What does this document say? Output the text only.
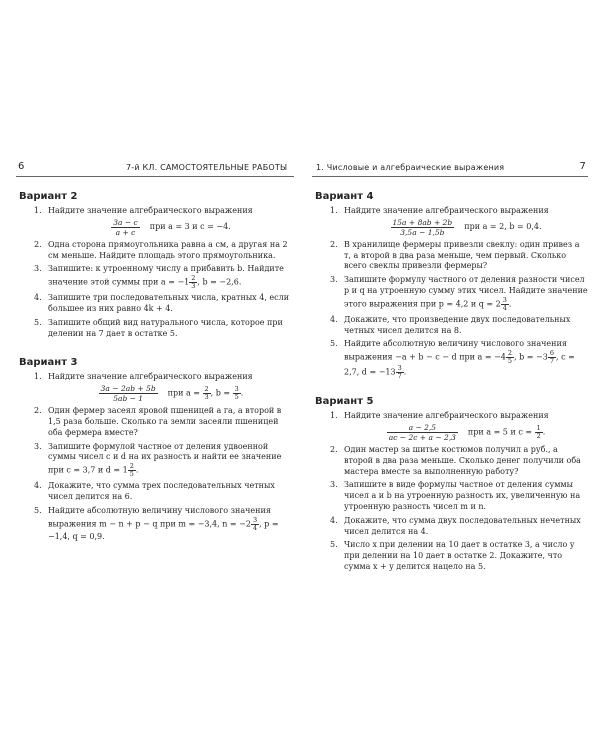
6	7-й КЛ. САМОСТОЯТЕЛЬНЫЕ РАБОТЫ
Вариант 2
1. Найдите значение алгебраического выражения
$\frac{3a - c}{a + c}$ при a = 3 и c = −4.
2. Одна сторона прямоугольника равна a см, а другая на 2 см меньше. Найдите площадь этого прямоугольника.
3. Запишите: к утроенному числу a прибавить b. Найдите значение этой суммы при $a = -1 \frac{2}{3}$ , b = −2,6.
4. Запишите три последовательных числа, кратных 4, если большее из них равно 4k + 4.
5. Запишите общий вид натурального числа, которое при делении на 7 дает в остатке 5.
Вариант 3
1. Найдите значение алгебраического выражения
$\frac{3a - 2ab + 5b}{5ab - 1}$ при $a = \frac{2}{3}$ , $b = \frac{3}{5}$ .
2. Один фермер засеял яровой пшеницей a га, а второй в 1,5 раза больше. Сколько га земли засеяли пшеницей оба фермера вместе?
3. Запишите формулой частное от деления удвоенной суммы чисел c и d на их разность и найти ее значение при c = 3,7 и $d = 1 \frac{2}{5}$ .
4. Докажите, что сумма трех последовательных четных чисел делится на 6.
5. Найдите абсолютную величину числового значения выражения m − n + p − q при m = −3,4, $n = -2 \frac{3}{4}$ , p = −1,4, q = 0,9.
1. Числовые и алгебраические выражения	7
Вариант 4
1. Найдите значение алгебраического выражения
$\frac{15a + 8ab + 2b}{3,5a - 1,5b}$ при a = 2, b = 0,4.
2. В хранилище фермеры привезли свеклу: один привез a т, а второй в два раза меньше, чем первый. Сколько всего свеклы привезли фермеры?
3. Запишите формулу частного от деления разности чисел p и q на утроенную сумму этих чисел. Найдите значение этого выражения при p = 4,2 и $q = 2 \frac{3}{4}$ .
4. Докажите, что произведение двух последовательных четных чисел делится на 8.
5. Найдите абсолютную величину числового значения выражения −a + b − c − d при $a = -4 \frac{2}{5}$ , $b = -3 \frac{6}{7}$ , c = 2,7, $d = -13 \frac{3}{7}$ .
Вариант 5
1. Найдите значение алгебраического выражения
$\frac{a - 2,5}{ac - 2c + a - 2,3}$ при a = 5 и $c = \frac{1}{2}$ .
2. Один мастер за шитье костюмов получил a руб., а второй в два раза меньше. Сколько денег получили оба мастера вместе за выполненную работу?
3. Запишите в виде формулы частное от деления суммы чисел a и b на утроенную разность их, увеличенную на утроенную разность чисел m и n.
4. Докажите, что сумма двух последовательных нечетных чисел делится на 4.
5. Число x при делении на 10 дает в остатке 3, а число y при делении на 10 дает в остатке 2. Докажите, что сумма x + y делится нацело на 5.
